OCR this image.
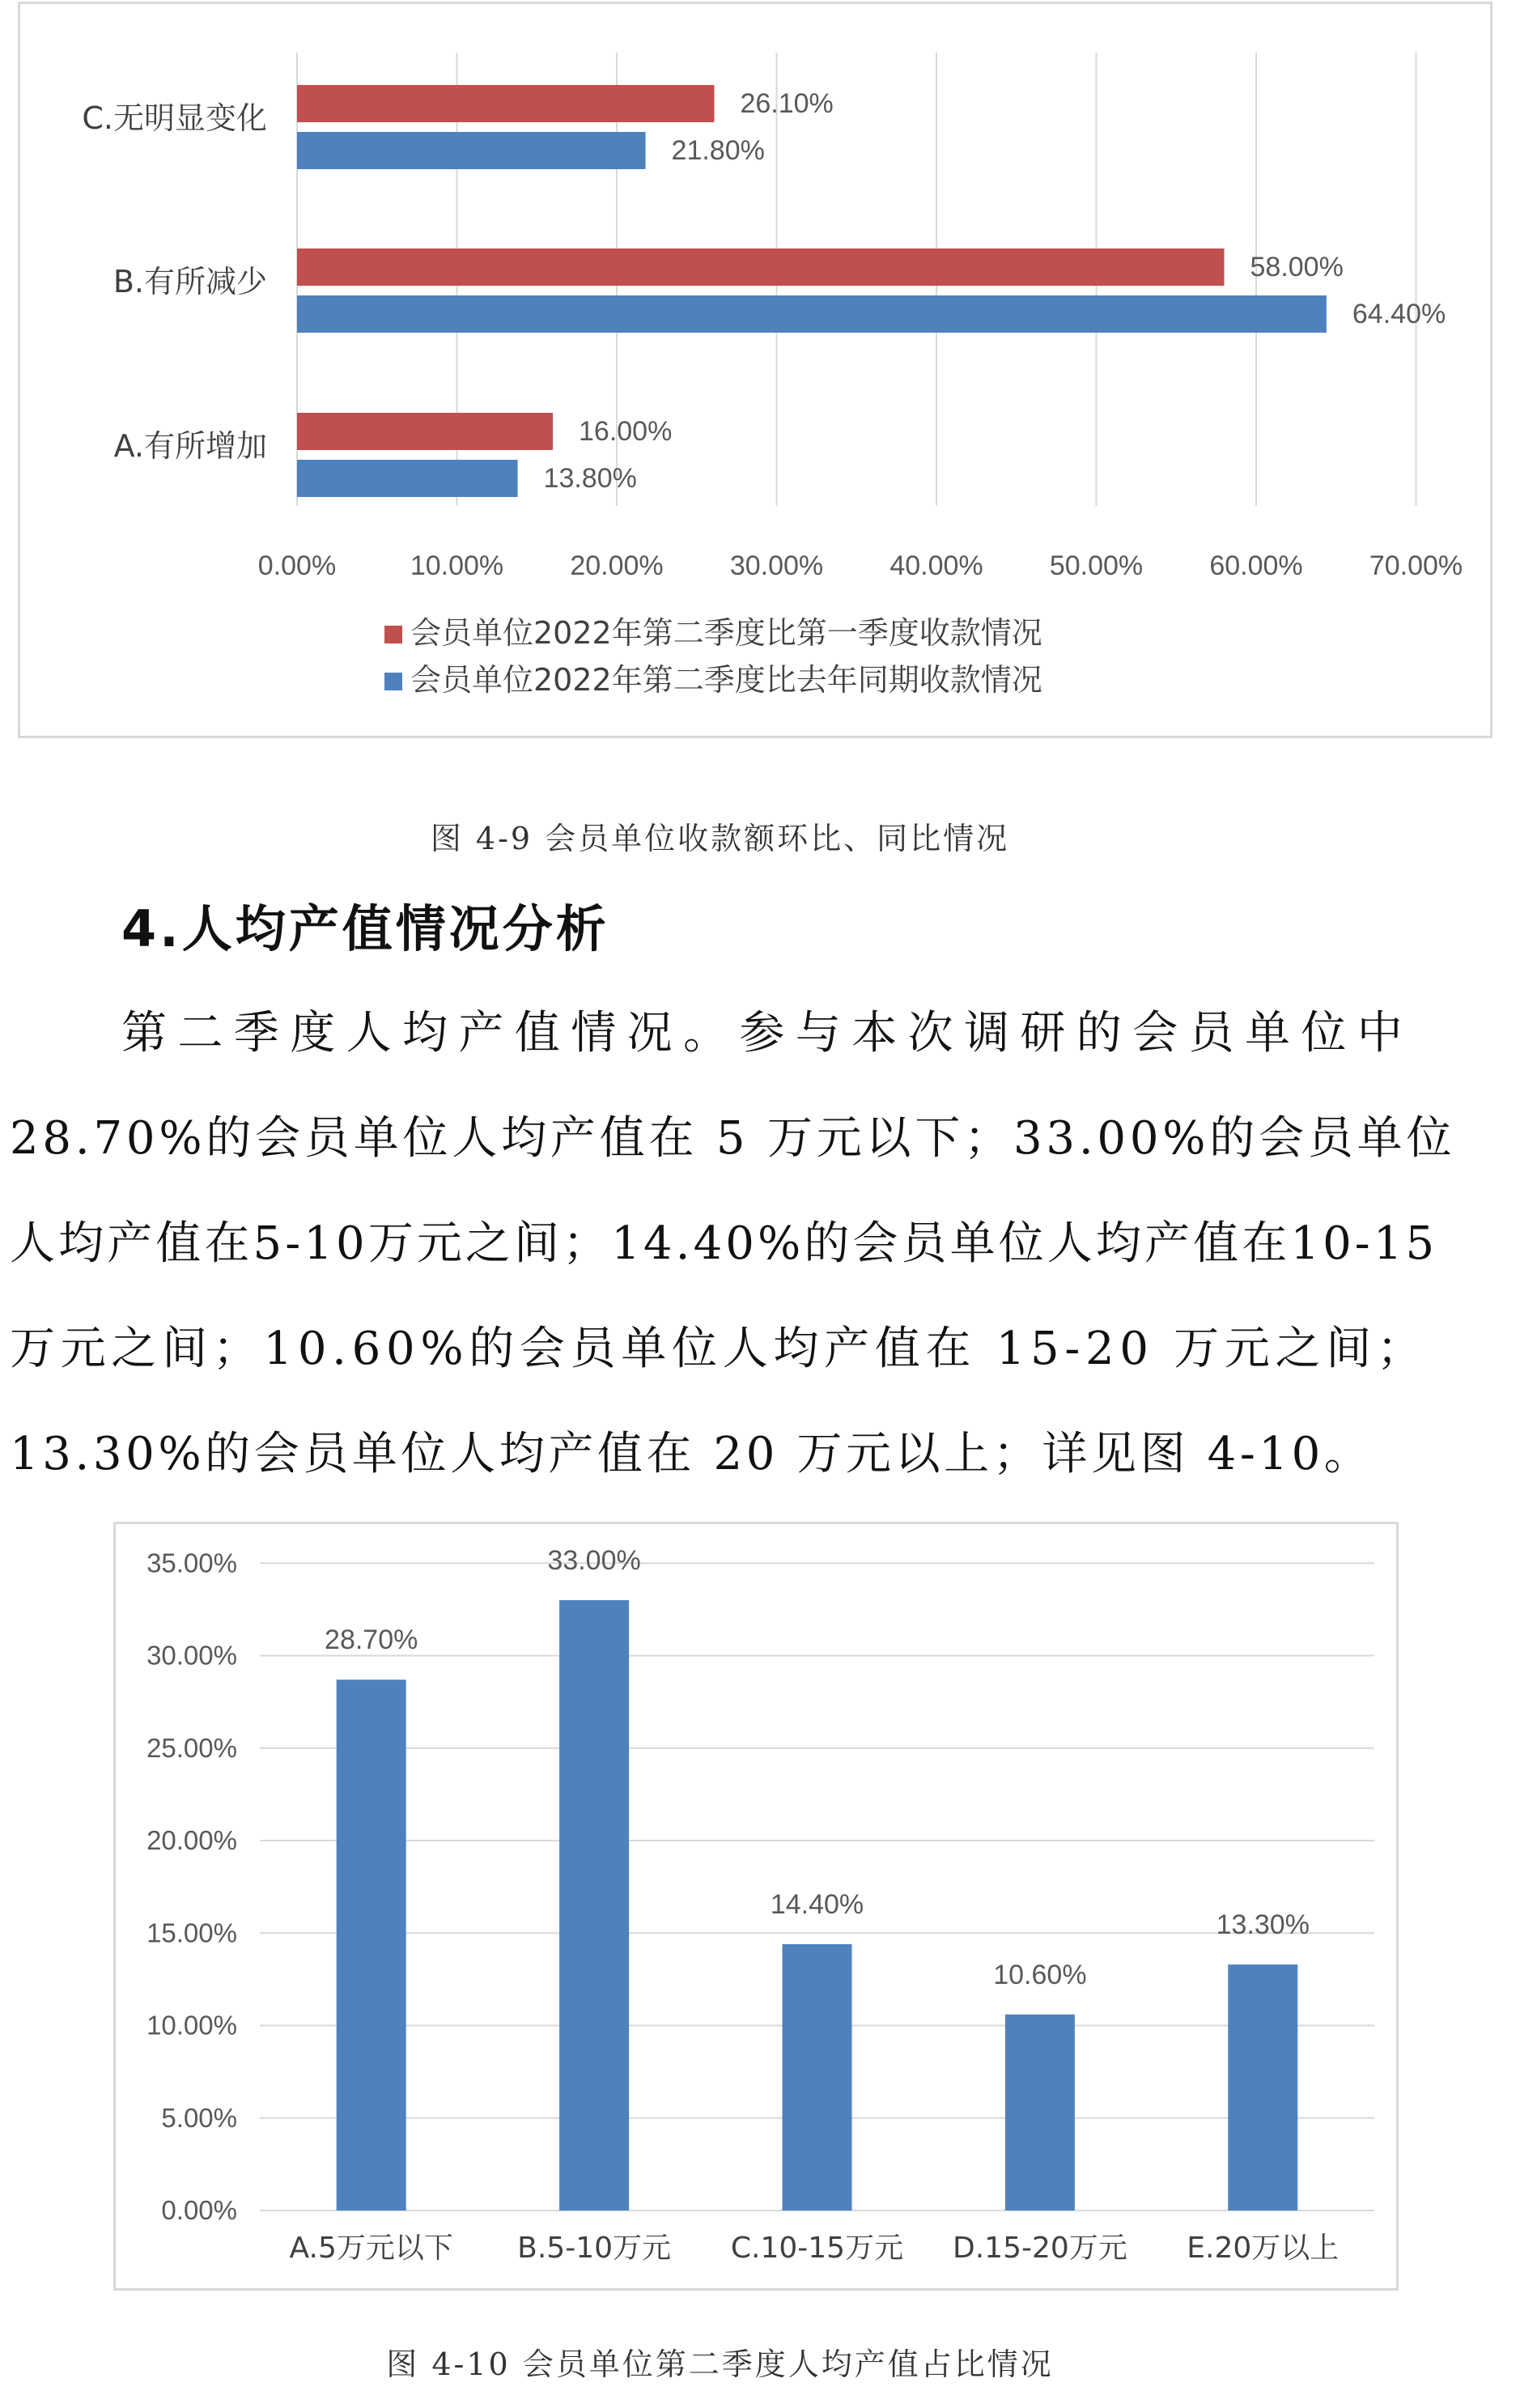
0.00%	10.00% 20.00% 30.00% 40.00% 50.00% 60.00% 70.00%
C.无明显变化	26.10%
21.80%
B.有所减少	58.00%
64.40%
A.有所增加	16.00%
13.80%
会员单位2022年第二季度比第一季度收款情况
会员单位2022年第二季度比去年同期收款情况
图 4-9 会员单位收款额环比、同比情况
4.人均产值情况分析
第二季度人均产值情况。参与本次调研的会员单位中
28.70%的会员单位人均产值在 5 万元以下；33.00%的会员单位
人均产值在5-10万元之间；14.40%的会员单位人均产值在10-15
万元之间；10.60%的会员单位人均产值在 15-20 万元之间；
13.30%的会员单位人均产值在 20 万元以上；详见图 4-10。
0.00%
5.00%
10.00%
15.00%
20.00%
25.00%
30.00%
35.00%
28.70%
A.5万元以下
33.00%
B.5-10万元
14.40%
C.10-15万元
10.60%
D.15-20万元
13.30%
E.20万以上
图 4-10 会员单位第二季度人均产值占比情况
